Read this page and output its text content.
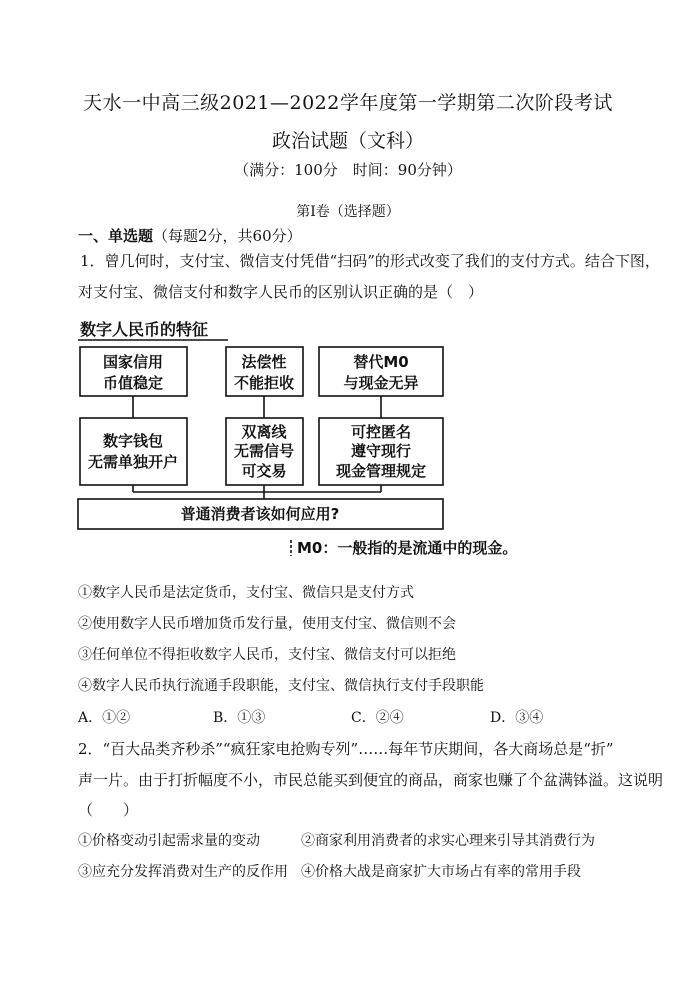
天水一中高三级2021—2022学年度第一学期第二次阶段考试
政治试题（文科）
（满分：100分　时间：90分钟）
第Ⅰ卷（选择题）
一、单选题（每题2分，共60分）
1．曾几何时，支付宝、微信支付凭借“扫码”的形式改变了我们的支付方式。结合下图，
对支付宝、微信支付和数字人民币的区别认识正确的是（　）
数字人民币的特征
国家信用
币值稳定
法偿性
不能拒收
替代M0
与现金无异
数字钱包
无需单独开户
双离线
无需信号
可交易
可控匿名
遵守现行
现金管理规定
普通消费者该如何应用?
M0：一般指的是流通中的现金。
①数字人民币是法定货币，支付宝、微信只是支付方式
②使用数字人民币增加货币发行量，使用支付宝、微信则不会
③任何单位不得拒收数字人民币，支付宝、微信支付可以拒绝
④数字人民币执行流通手段职能，支付宝、微信执行支付手段职能
A．①②	B．①③	C．②④	D．③④
2．“百大品类齐秒杀”“疯狂家电抢购专列”……每年节庆期间，各大商场总是“折”
声一片。由于打折幅度不小，市民总能买到便宜的商品，商家也赚了个盆满钵溢。这说明
（　　）
①价格变动引起需求量的变动	②商家利用消费者的求实心理来引导其消费行为
③应充分发挥消费对生产的反作用 ④价格大战是商家扩大市场占有率的常用手段
